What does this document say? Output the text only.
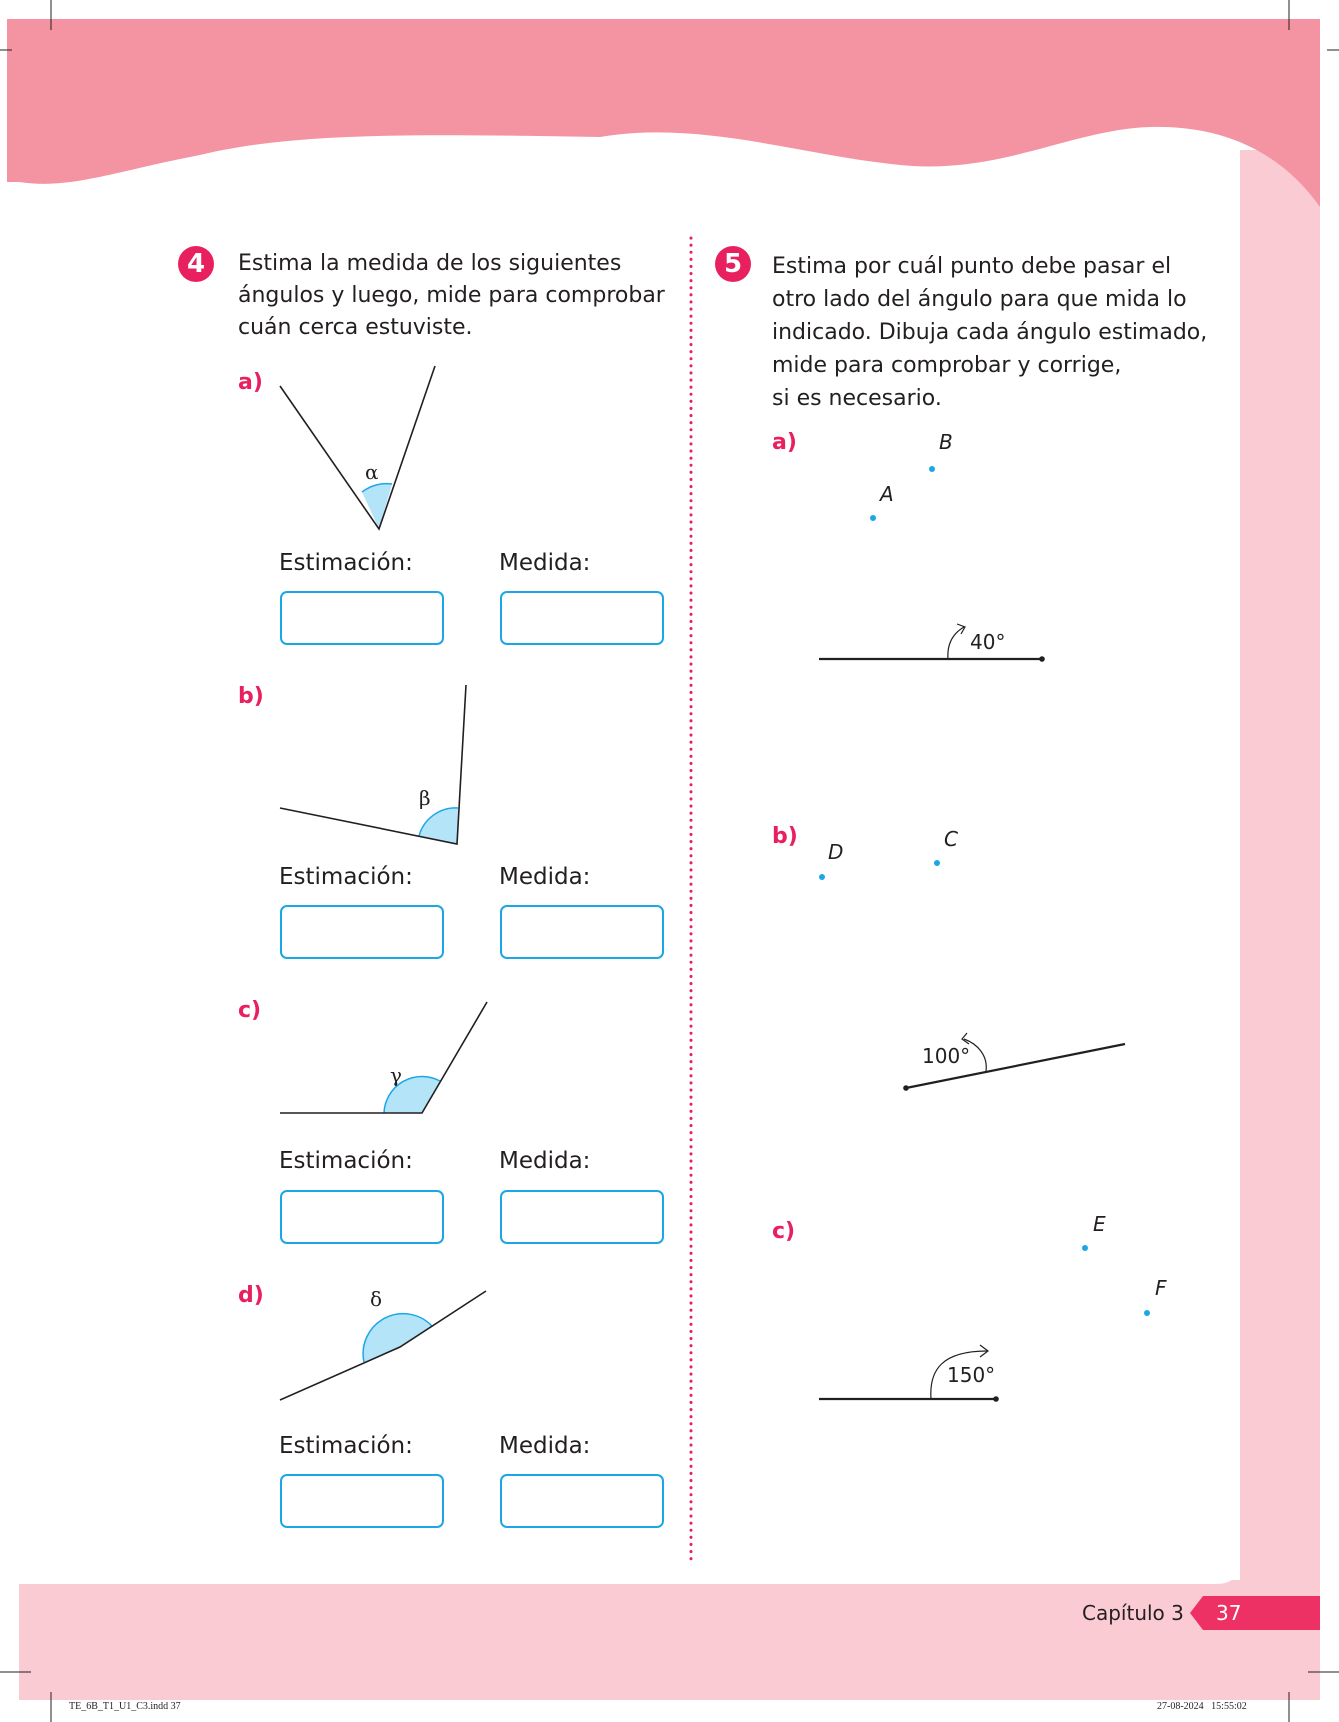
4	Estima la medida de los siguientes
ángulos y luego, mide para comprobar
cuán cerca estuviste.
a)
α
Estimación:	Medida:
b)
β
Estimación:	Medida:
c)
γ
Estimación:	Medida:
d)	δ
Estimación:	Medida:
5	Estima por cuál punto debe pasar el
otro lado del ángulo para que mida lo
indicado. Dibuja cada ángulo estimado,
mide para comprobar y corrige,
si es necesario.
a)
A
B
40°
b)
D
C
100°
c)	E
F
150°
Capítulo 3 37
TE_6B_T1_U1_C3.indd 37	27-08-2024   15:55:02
